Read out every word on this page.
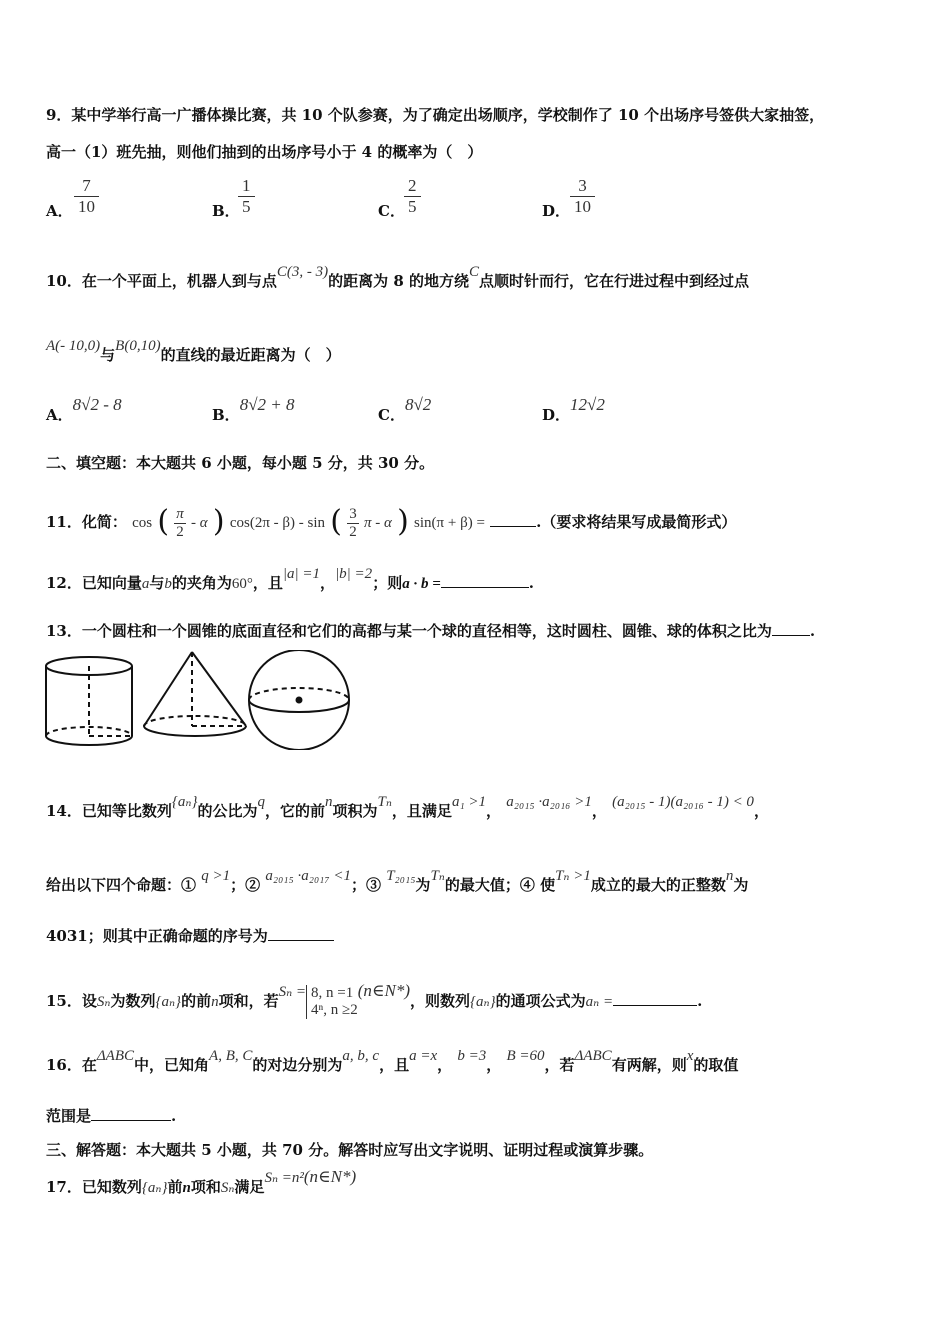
9．某中学举行高一广播体操比赛，共 10 个队参赛，为了确定出场顺序，学校制作了 10 个出场序号签供大家抽签，
高一（1）班先抽，则他们抽到的出场序号小于 4 的概率为（　）
A． $\frac{7}{10}$	B．
$\frac{1}{5}$	C． $\frac{2}{5}$	D． $\frac{3}{10}$
10．在一个平面上，机器人到与点C(3, - 3)的距离为 8 的地方绕C点顺时针而行，它在行进过程中到经过点
A(- 10,0)与B(0,10)的直线的最近距离为（　）
A．8√2 - 8
B．8√2 + 8
C．8√2
D．12√2
二、填空题：本大题共 6 小题，每小题 5 分，共 30 分。
11．化简： cos ( $\frac{\pi}{2}$ - α ) cos(2π - β) - sin ( $\frac{3}{2}$ π - α ) sin(π + β) =	.（要求将结果写成最简形式）
12．已知向量a与b的夹角为60°，且|a| =1，|b| =2；则a · b =	.
13．一个圆柱和一个圆锥的底面直径和它们的高都与某一个球的直径相等，这时圆柱、圆锥、球的体积之比为	.
14．已知等比数列{aₙ}的公比为q，它的前n项积为Tₙ，且满足a₁ >1， a₂₀₁₅ ·a₂₀₁₆ >1， (a₂₀₁₅ - 1)(a₂₀₁₆ - 1) < 0，
给出以下四个命题：① q >1；② a₂₀₁₅ ·a₂₀₁₇ <1；③ T₂₀₁₅为Tₙ的最大值；④ 使Tₙ >1成立的最大的正整数n为
4031；则其中正确命题的序号为
15．设Sₙ为数列{aₙ}的前n项和，若Sₙ = 8, n =1
4ⁿ, n ≥2
(n∈N*)，则数列{aₙ}的通项公式为aₙ =	.
16．在ΔABC中，已知角A, B, C的对边分别为a, b, c，且a =x， b =3， B =60，若ΔABC有两解，则x的取值
范围是	.
三、解答题：本大题共 5 小题，共 70 分。解答时应写出文字说明、证明过程或演算步骤。
17．已知数列{aₙ}前n项和Sₙ满足Sₙ =n²(n∈N*)
